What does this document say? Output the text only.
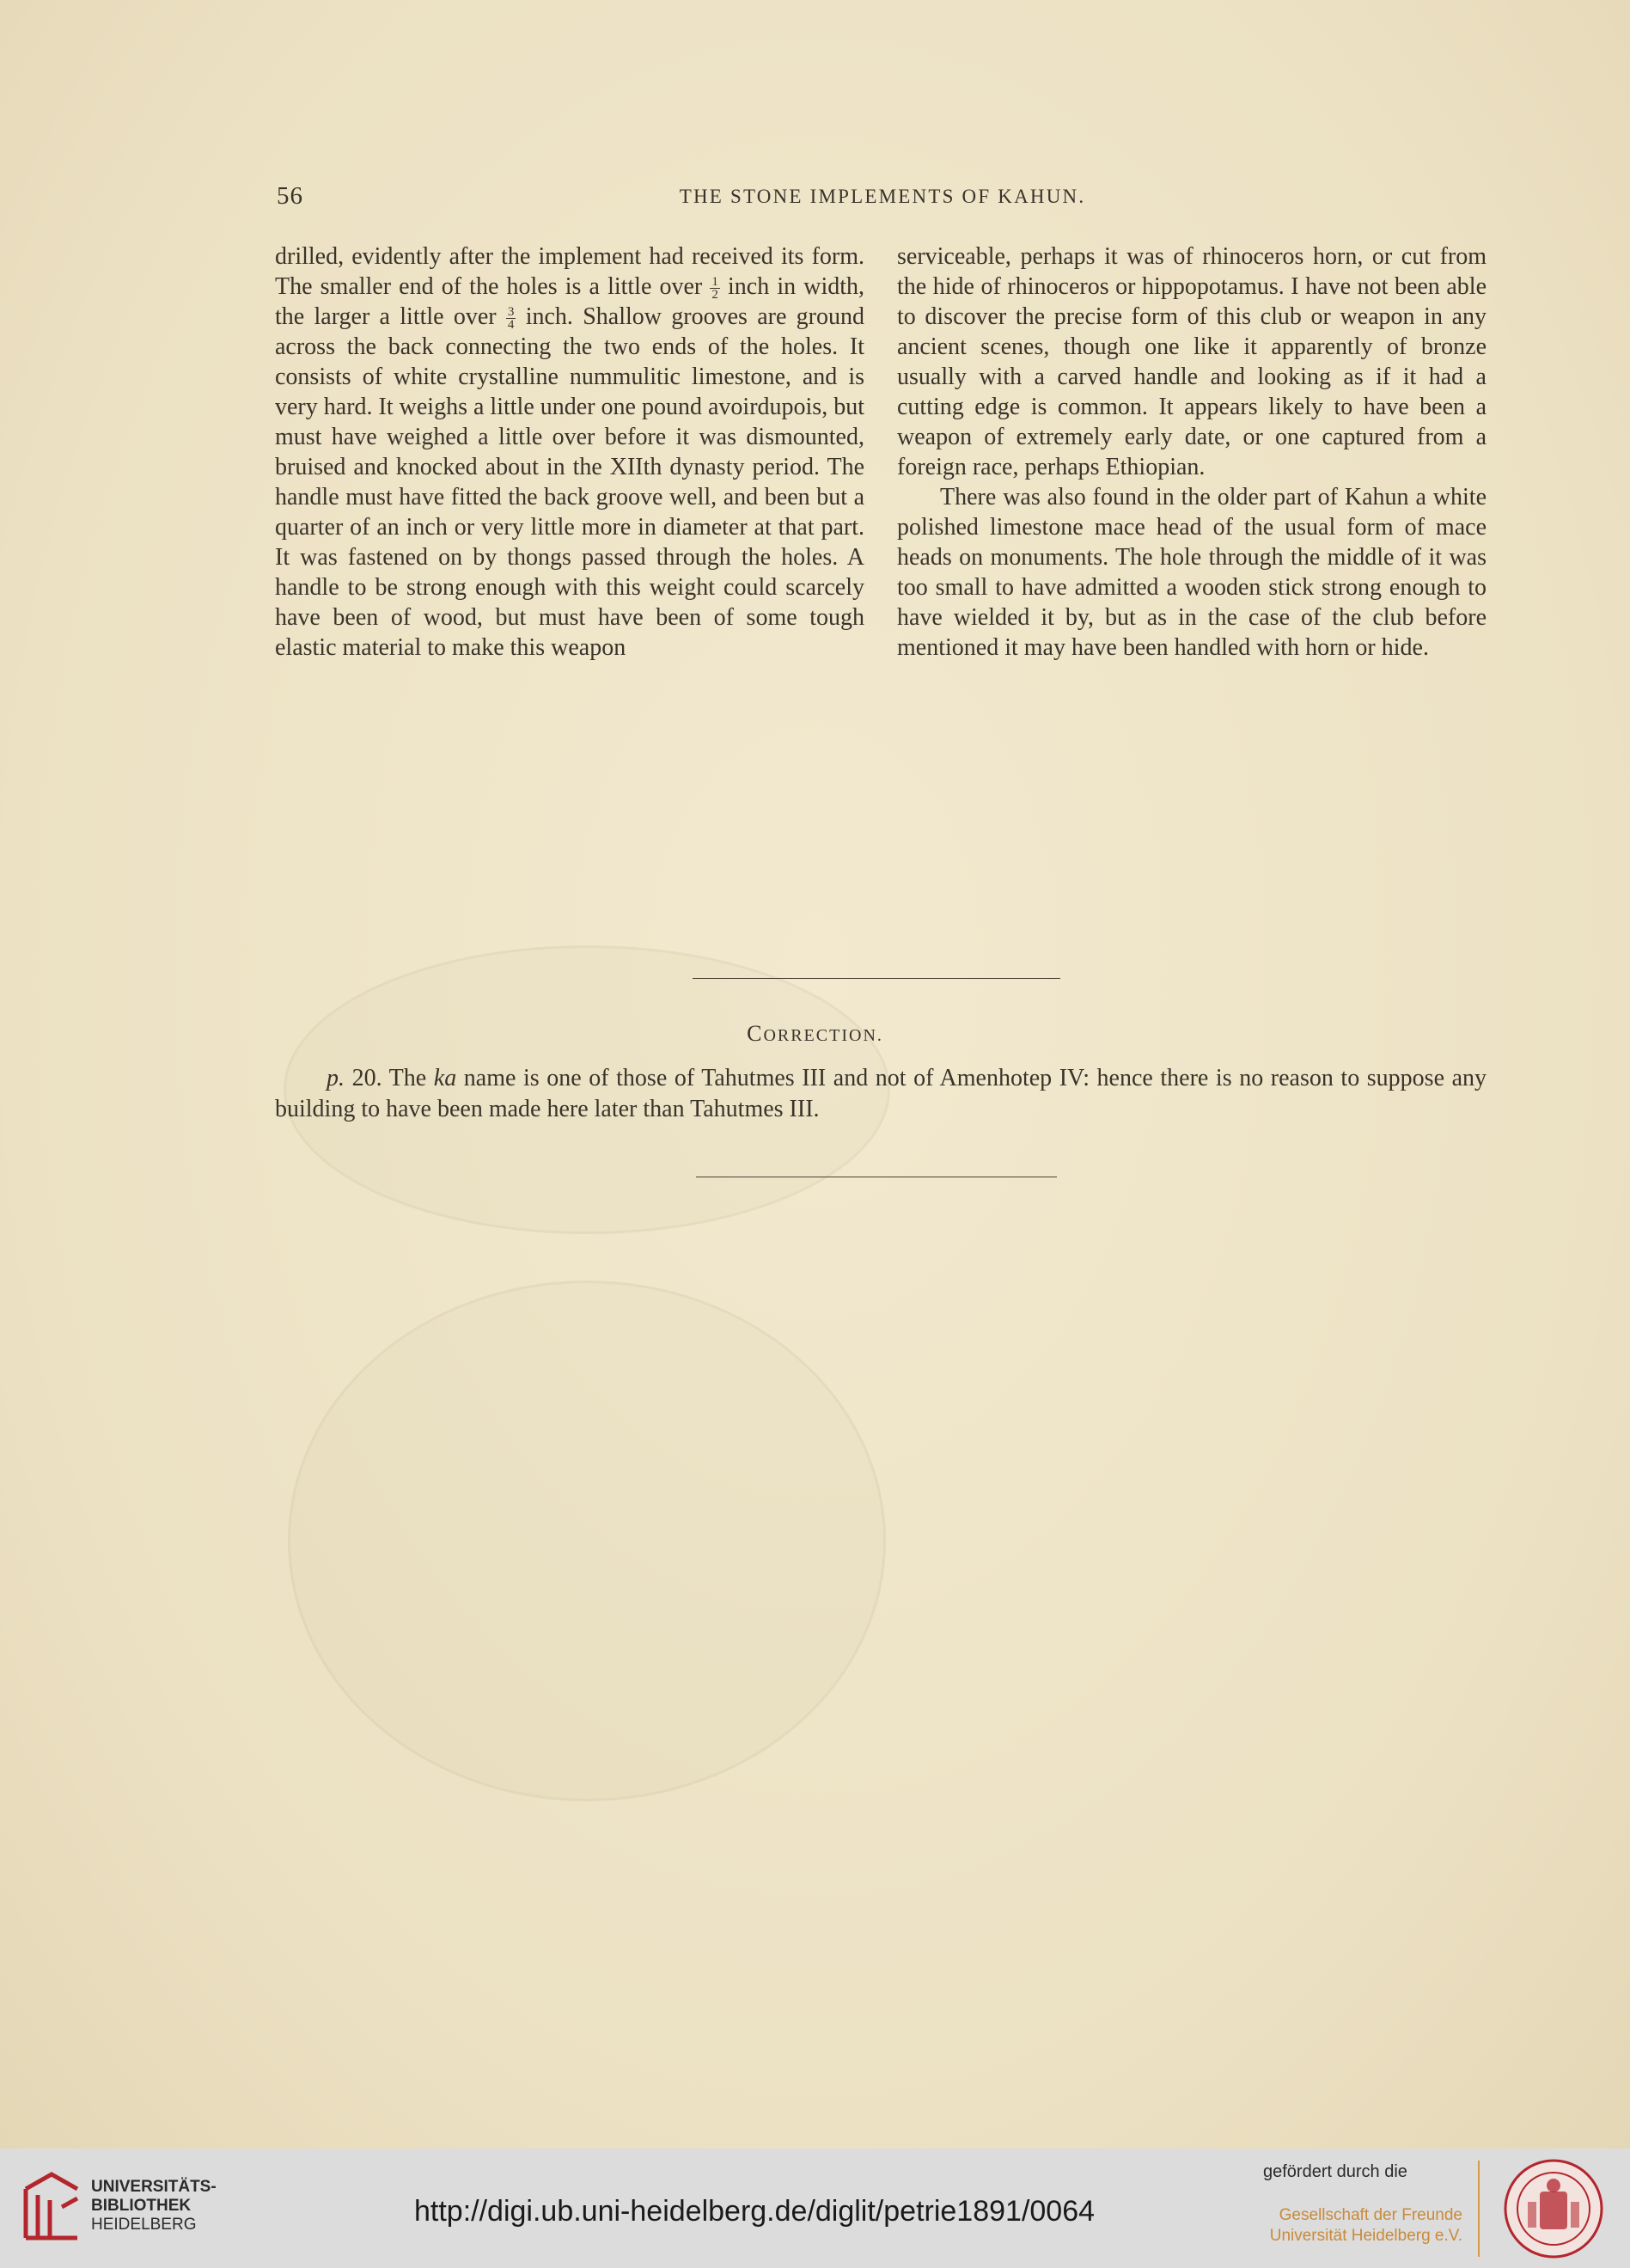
56	THE STONE IMPLEMENTS OF KAHUN.

drilled, evidently after the implement had received its form. The smaller end of the holes is a little over $\frac{1}{2}$ inch in width, the larger a little over $\frac{3}{4}$ inch. Shallow grooves are ground across the back connecting the two ends of the holes. It consists of white crystalline nummulitic limestone, and is very hard. It weighs a little under one pound avoirdupois, but must have weighed a little over before it was dismounted, bruised and knocked about in the XIIth dynasty period. The handle must have fitted the back groove well, and been but a quarter of an inch or very little more in diameter at that part. It was fastened on by thongs passed through the holes. A handle to be strong enough with this weight could scarcely have been of wood, but must have been of some tough elastic material to make this weapon

serviceable, perhaps it was of rhinoceros horn, or cut from the hide of rhinoceros or hippopotamus. I have not been able to discover the precise form of this club or weapon in any ancient scenes, though one like it apparently of bronze usually with a carved handle and looking as if it had a cutting edge is common. It appears likely to have been a weapon of extremely early date, or one captured from a foreign race, perhaps Ethiopian.

There was also found in the older part of Kahun a white polished limestone mace head of the usual form of mace heads on monuments. The hole through the middle of it was too small to have admitted a wooden stick strong enough to have wielded it by, but as in the case of the club before mentioned it may have been handled with horn or hide.

CORRECTION.
p. 20. The ka name is one of those of Tahutmes III and not of Amenhotep IV: hence there is no reason to suppose any building to have been made here later than Tahutmes III.
UNIVERSITÄTS-
BIBLIOTHEK
HEIDELBERG	http://digi.ub.uni-heidelberg.de/diglit/petrie1891/0064
gefördert durch die
Gesellschaft der Freunde
Universität Heidelberg e.V.
